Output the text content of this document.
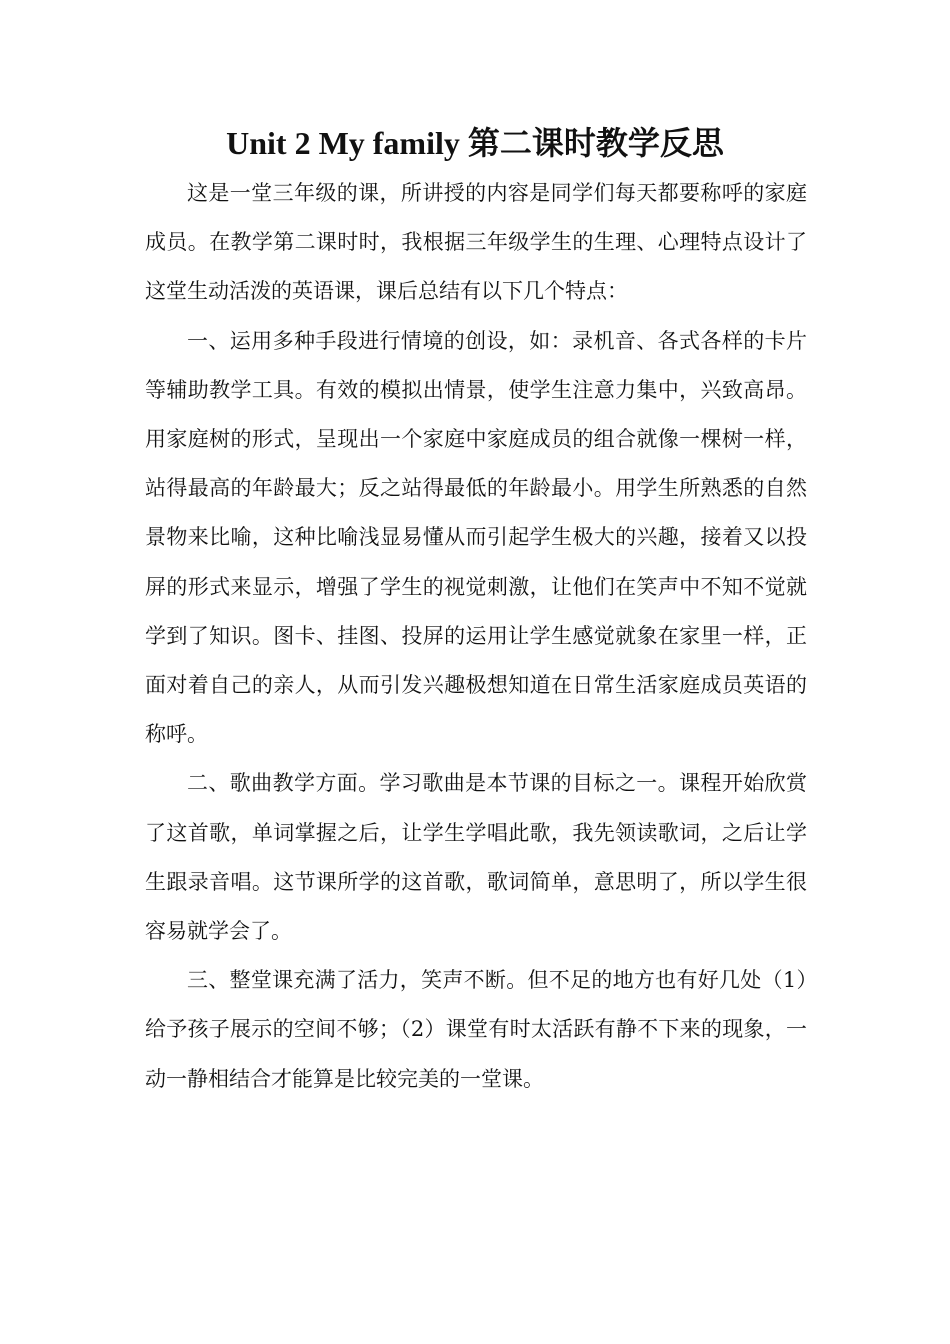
Unit 2 My family 第二课时教学反思

这是一堂三年级的课，所讲授的内容是同学们每天都要称呼的家庭成员。在教学第二课时时，我根据三年级学生的生理、心理特点设计了这堂生动活泼的英语课，课后总结有以下几个特点：

一、运用多种手段进行情境的创设，如：录机音、各式各样的卡片等辅助教学工具。有效的模拟出情景，使学生注意力集中，兴致高昂。用家庭树的形式，呈现出一个家庭中家庭成员的组合就像一棵树一样，站得最高的年龄最大；反之站得最低的年龄最小。用学生所熟悉的自然景物来比喻，这种比喻浅显易懂从而引起学生极大的兴趣，接着又以投屏的形式来显示，增强了学生的视觉刺激，让他们在笑声中不知不觉就学到了知识。图卡、挂图、投屏的运用让学生感觉就象在家里一样，正面对着自己的亲人，从而引发兴趣极想知道在日常生活家庭成员英语的称呼。

二、歌曲教学方面。学习歌曲是本节课的目标之一。课程开始欣赏了这首歌，单词掌握之后，让学生学唱此歌，我先领读歌词，之后让学生跟录音唱。这节课所学的这首歌，歌词简单，意思明了，所以学生很容易就学会了。

三、整堂课充满了活力，笑声不断。但不足的地方也有好几处（1）给予孩子展示的空间不够；（2）课堂有时太活跃有静不下来的现象，一动一静相结合才能算是比较完美的一堂课。
